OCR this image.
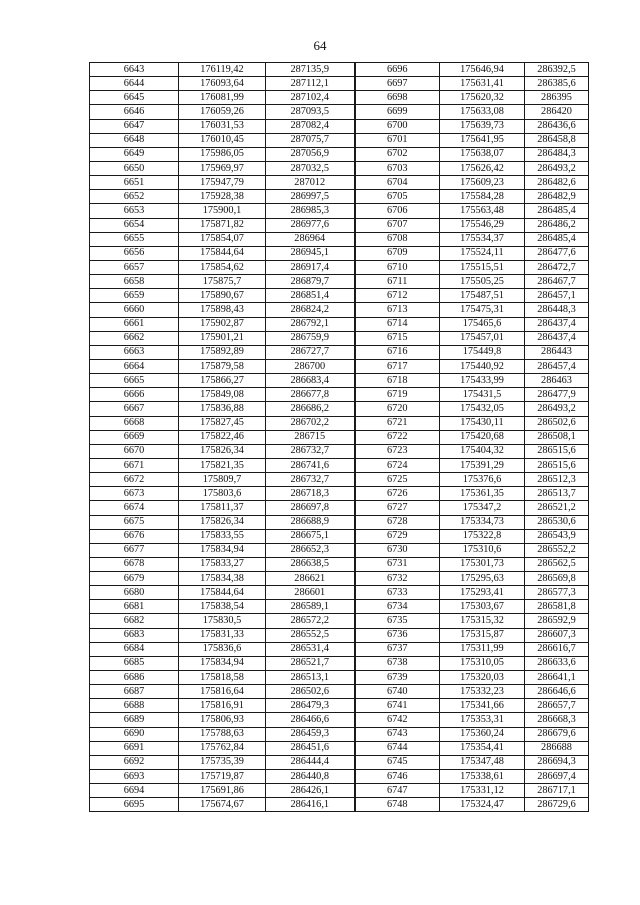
64
6643	176119,42	287135,9	6696	175646,94	286392,5
6644	176093,64	287112,1	6697	175631,41	286385,6
6645	176081,99	287102,4	6698	175620,32	286395
6646	176059,26	287093,5	6699	175633,08	286420
6647	176031,53	287082,4	6700	175639,73	286436,6
6648	176010,45	287075,7	6701	175641,95	286458,8
6649	175986,05	287056,9	6702	175638,07	286484,3
6650	175969,97	287032,5	6703	175626,42	286493,2
6651	175947,79	287012	6704	175609,23	286482,6
6652	175928,38	286997,5	6705	175584,28	286482,9
6653	175900,1	286985,3	6706	175563,48	286485,4
6654	175871,82	286977,6	6707	175546,29	286486,2
6655	175854,07	286964	6708	175534,37	286485,4
6656	175844,64	286945,1	6709	175524,11	286477,6
6657	175854,62	286917,4	6710	175515,51	286472,7
6658	175875,7	286879,7	6711	175505,25	286467,7
6659	175890,67	286851,4	6712	175487,51	286457,1
6660	175898,43	286824,2	6713	175475,31	286448,3
6661	175902,87	286792,1	6714	175465,6	286437,4
6662	175901,21	286759,9	6715	175457,01	286437,4
6663	175892,89	286727,7	6716	175449,8	286443
6664	175879,58	286700	6717	175440,92	286457,4
6665	175866,27	286683,4	6718	175433,99	286463
6666	175849,08	286677,8	6719	175431,5	286477,9
6667	175836,88	286686,2	6720	175432,05	286493,2
6668	175827,45	286702,2	6721	175430,11	286502,6
6669	175822,46	286715	6722	175420,68	286508,1
6670	175826,34	286732,7	6723	175404,32	286515,6
6671	175821,35	286741,6	6724	175391,29	286515,6
6672	175809,7	286732,7	6725	175376,6	286512,3
6673	175803,6	286718,3	6726	175361,35	286513,7
6674	175811,37	286697,8	6727	175347,2	286521,2
6675	175826,34	286688,9	6728	175334,73	286530,6
6676	175833,55	286675,1	6729	175322,8	286543,9
6677	175834,94	286652,3	6730	175310,6	286552,2
6678	175833,27	286638,5	6731	175301,73	286562,5
6679	175834,38	286621	6732	175295,63	286569,8
6680	175844,64	286601	6733	175293,41	286577,3
6681	175838,54	286589,1	6734	175303,67	286581,8
6682	175830,5	286572,2	6735	175315,32	286592,9
6683	175831,33	286552,5	6736	175315,87	286607,3
6684	175836,6	286531,4	6737	175311,99	286616,7
6685	175834,94	286521,7	6738	175310,05	286633,6
6686	175818,58	286513,1	6739	175320,03	286641,1
6687	175816,64	286502,6	6740	175332,23	286646,6
6688	175816,91	286479,3	6741	175341,66	286657,7
6689	175806,93	286466,6	6742	175353,31	286668,3
6690	175788,63	286459,3	6743	175360,24	286679,6
6691	175762,84	286451,6	6744	175354,41	286688
6692	175735,39	286444,4	6745	175347,48	286694,3
6693	175719,87	286440,8	6746	175338,61	286697,4
6694	175691,86	286426,1	6747	175331,12	286717,1
6695	175674,67	286416,1	6748	175324,47	286729,6
